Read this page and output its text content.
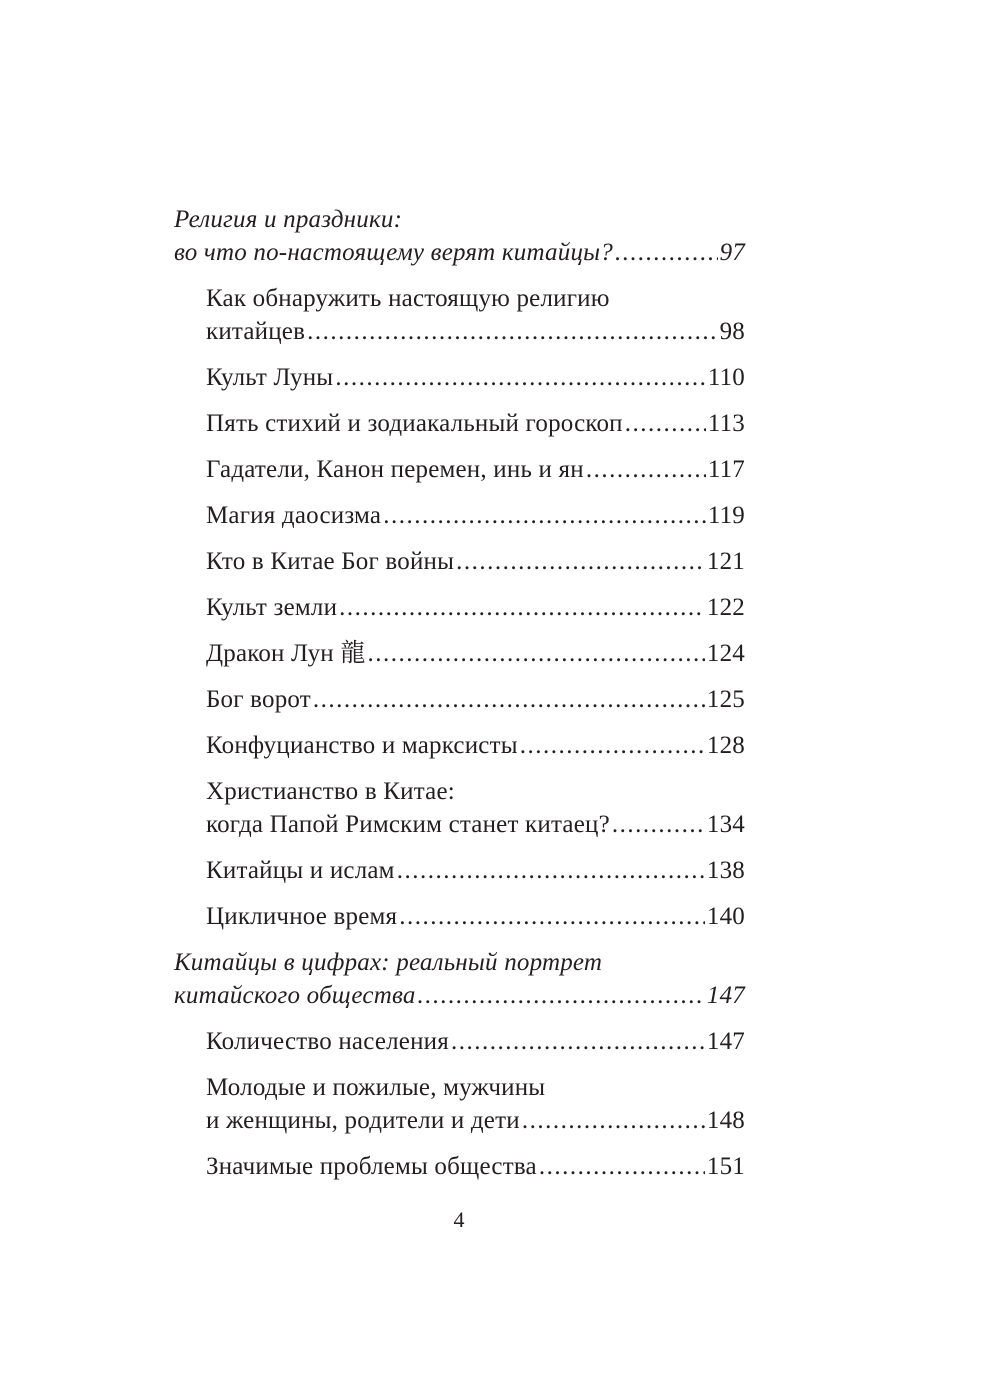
Религия и праздники:
во что по-настоящему верят китайцы? .....	97
Как обнаружить настоящую религию
китайцев .....	98
Культ Луны .....	110
Пять стихий и зодиакальный гороскоп .....	113
Гадатели, Канон перемен, инь и ян .....	117
Магия даосизма .....	119
Кто в Китае Бог войны .....	121
Культ земли .....	122
Дракон Лун 龍 .....	124
Бог ворот .....	125
Конфуцианство и марксисты .....	128
Христианство в Китае:
когда Папой Римским станет китаец? .....	134
Китайцы и ислам .....	138
Цикличное время .....	140
Китайцы в цифрах: реальный портрет
китайского общества .....	147
Количество населения .....	147
Молодые и пожилые, мужчины
и женщины, родители и дети .....	148
Значимые проблемы общества .....	151
4
